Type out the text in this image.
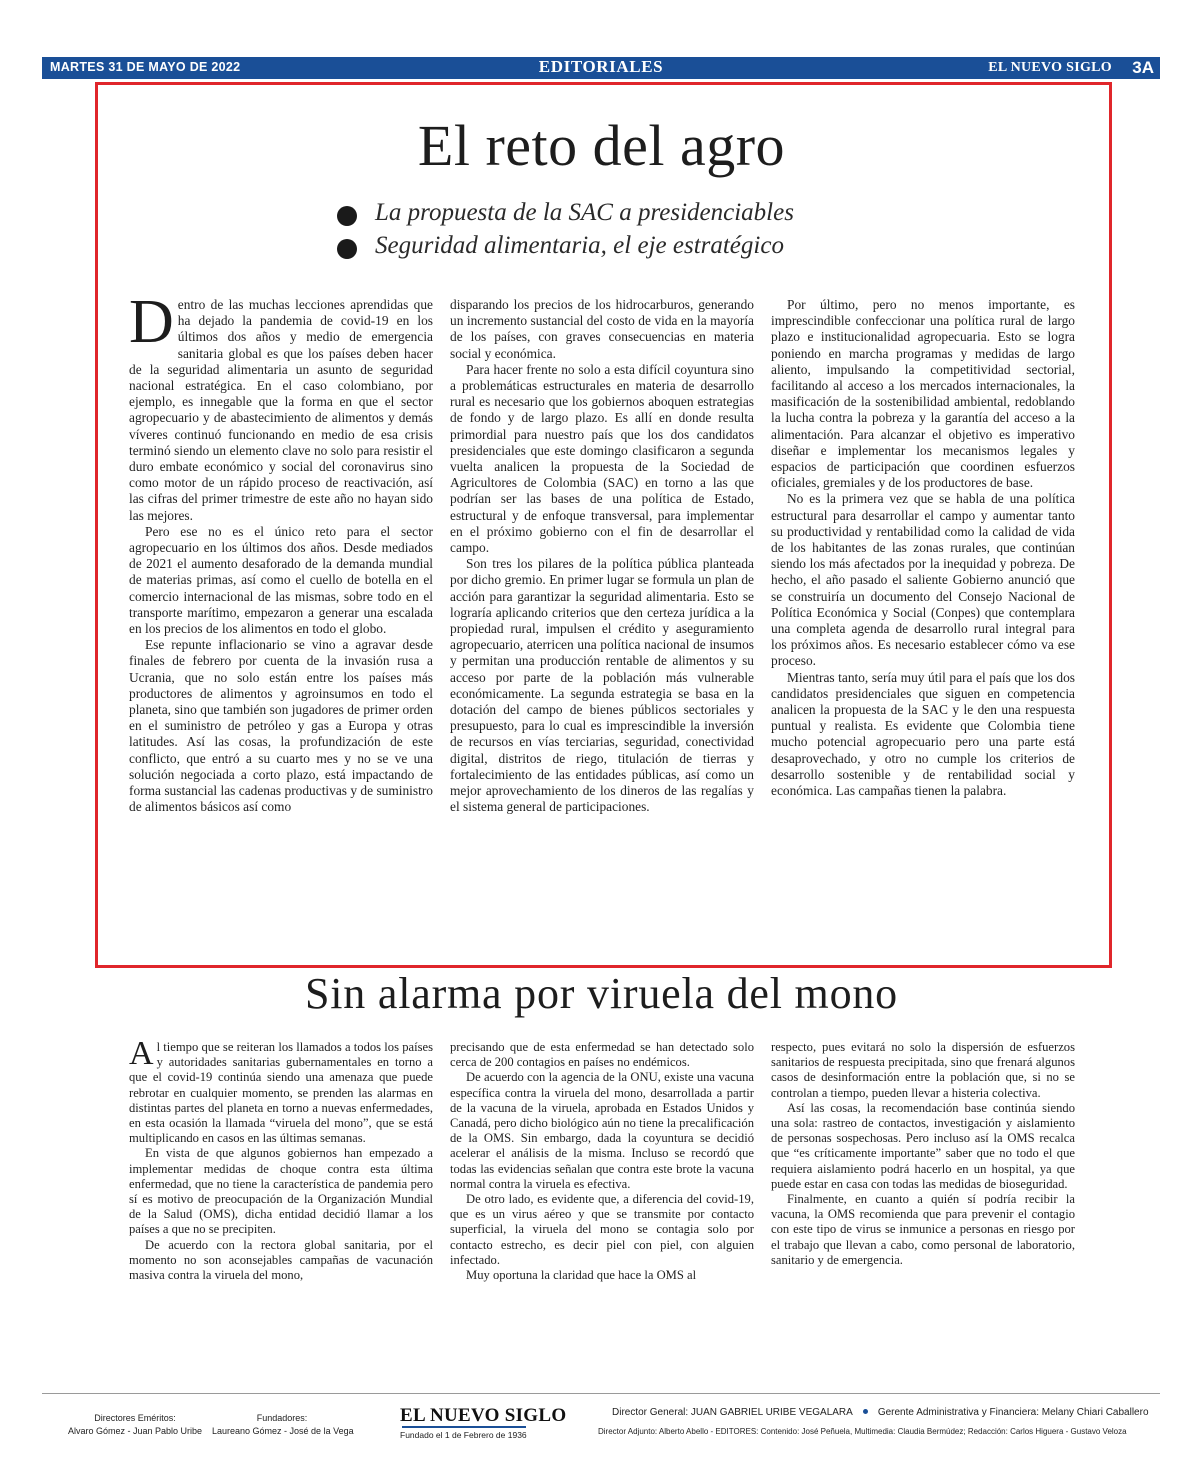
MARTES 31 DE MAYO DE 2022	EDITORIALES	EL NUEVO SIGLO 3A
El reto del agro
La propuesta de la SAC a presidenciables
Seguridad alimentaria, el eje estratégico

Dentro de las muchas lecciones aprendidas que ha dejado la pandemia de covid-19 en los últimos dos años y medio de emergencia sanitaria global es que los países deben hacer de la seguridad alimentaria un asunto de seguridad nacional estratégica. En el caso colombiano, por ejemplo, es innegable que la forma en que el sector agropecuario y de abastecimiento de alimentos y demás víveres continuó funcionando en medio de esa crisis terminó siendo un elemento clave no solo para resistir el duro embate económico y social del coronavirus sino como motor de un rápido proceso de reactivación, así las cifras del primer trimestre de este año no hayan sido las mejores.

Pero ese no es el único reto para el sector agropecuario en los últimos dos años. Desde mediados de 2021 el aumento desaforado de la demanda mundial de materias primas, así como el cuello de botella en el comercio internacional de las mismas, sobre todo en el transporte marítimo, empezaron a generar una escalada en los precios de los alimentos en todo el globo.

Ese repunte inflacionario se vino a agravar desde finales de febrero por cuenta de la invasión rusa a Ucrania, que no solo están entre los países más productores de alimentos y agroinsumos en todo el planeta, sino que también son jugadores de primer orden en el suministro de petróleo y gas a Europa y otras latitudes. Así las cosas, la profundización de este conflicto, que entró a su cuarto mes y no se ve una solución negociada a corto plazo, está impactando de forma sustancial las cadenas productivas y de suministro de alimentos básicos así como

disparando los precios de los hidrocarburos, generando un incremento sustancial del costo de vida en la mayoría de los países, con graves consecuencias en materia social y económica.

Para hacer frente no solo a esta difícil coyuntura sino a problemáticas estructurales en materia de desarrollo rural es necesario que los gobiernos aboquen estrategias de fondo y de largo plazo. Es allí en donde resulta primordial para nuestro país que los dos candidatos presidenciales que este domingo clasificaron a segunda vuelta analicen la propuesta de la Sociedad de Agricultores de Colombia (SAC) en torno a las que podrían ser las bases de una política de Estado, estructural y de enfoque transversal, para implementar en el próximo gobierno con el fin de desarrollar el campo.

Son tres los pilares de la política pública planteada por dicho gremio. En primer lugar se formula un plan de acción para garantizar la seguridad alimentaria. Esto se lograría aplicando criterios que den certeza jurídica a la propiedad rural, impulsen el crédito y aseguramiento agropecuario, aterricen una política nacional de insumos y permitan una producción rentable de alimentos y su acceso por parte de la población más vulnerable económicamente. La segunda estrategia se basa en la dotación del campo de bienes públicos sectoriales y presupuesto, para lo cual es imprescindible la inversión de recursos en vías terciarias, seguridad, conectividad digital, distritos de riego, titulación de tierras y fortalecimiento de las entidades públicas, así como un mejor aprovechamiento de los dineros de las regalías y el sistema general de participaciones.

Por último, pero no menos importante, es imprescindible confeccionar una política rural de largo plazo e institucionalidad agropecuaria. Esto se logra poniendo en marcha programas y medidas de largo aliento, impulsando la competitividad sectorial, facilitando al acceso a los mercados internacionales, la masificación de la sostenibilidad ambiental, redoblando la lucha contra la pobreza y la garantía del acceso a la alimentación. Para alcanzar el objetivo es imperativo diseñar e implementar los mecanismos legales y espacios de participación que coordinen esfuerzos oficiales, gremiales y de los productores de base.

No es la primera vez que se habla de una política estructural para desarrollar el campo y aumentar tanto su productividad y rentabilidad como la calidad de vida de los habitantes de las zonas rurales, que continúan siendo los más afectados por la inequidad y pobreza. De hecho, el año pasado el saliente Gobierno anunció que se construiría un documento del Consejo Nacional de Política Económica y Social (Conpes) que contemplara una completa agenda de desarrollo rural integral para los próximos años. Es necesario establecer cómo va ese proceso.

Mientras tanto, sería muy útil para el país que los dos candidatos presidenciales que siguen en competencia analicen la propuesta de la SAC y le den una respuesta puntual y realista. Es evidente que Colombia tiene mucho potencial agropecuario pero una parte está desaprovechado, y otro no cumple los criterios de desarrollo sostenible y de rentabilidad social y económica. Las campañas tienen la palabra.

Sin alarma por viruela del mono

Al tiempo que se reiteran los llamados a todos los países y autoridades sanitarias gubernamentales en torno a que el covid-19 continúa siendo una amenaza que puede rebrotar en cualquier momento, se prenden las alarmas en distintas partes del planeta en torno a nuevas enfermedades, en esta ocasión la llamada “viruela del mono”, que se está multiplicando en casos en las últimas semanas.

En vista de que algunos gobiernos han empezado a implementar medidas de choque contra esta última enfermedad, que no tiene la característica de pandemia pero sí es motivo de preocupación de la Organización Mundial de la Salud (OMS), dicha entidad decidió llamar a los países a que no se precipiten.

De acuerdo con la rectora global sanitaria, por el momento no son aconsejables campañas de vacunación masiva contra la viruela del mono,

precisando que de esta enfermedad se han detectado solo cerca de 200 contagios en países no endémicos.

De acuerdo con la agencia de la ONU, existe una vacuna específica contra la viruela del mono, desarrollada a partir de la vacuna de la viruela, aprobada en Estados Unidos y Canadá, pero dicho biológico aún no tiene la precalificación de la OMS. Sin embargo, dada la coyuntura se decidió acelerar el análisis de la misma. Incluso se recordó que todas las evidencias señalan que contra este brote la vacuna normal contra la viruela es efectiva.

De otro lado, es evidente que, a diferencia del covid-19, que es un virus aéreo y que se transmite por contacto superficial, la viruela del mono se contagia solo por contacto estrecho, es decir piel con piel, con alguien infectado.

Muy oportuna la claridad que hace la OMS al

respecto, pues evitará no solo la dispersión de esfuerzos sanitarios de respuesta precipitada, sino que frenará algunos casos de desinformación entre la población que, si no se controlan a tiempo, pueden llevar a histeria colectiva.

Así las cosas, la recomendación base continúa siendo una sola: rastreo de contactos, investigación y aislamiento de personas sospechosas. Pero incluso así la OMS recalca que “es críticamente importante” saber que no todo el que requiera aislamiento podrá hacerlo en un hospital, ya que puede estar en casa con todas las medidas de bioseguridad.

Finalmente, en cuanto a quién sí podría recibir la vacuna, la OMS recomienda que para prevenir el contagio con este tipo de virus se inmunice a personas en riesgo por el trabajo que llevan a cabo, como personal de laboratorio, sanitario y de emergencia.

Directores Eméritos:
Alvaro Gómez - Juan Pablo Uribe
Fundadores:
Laureano Gómez - José de la Vega
EL NUEVO SIGLO
Fundado el 1 de Febrero de 1936
Director General: JUAN GABRIEL URIBE VEGALARA	Gerente Administrativa y Financiera: Melany Chiari Caballero
Director Adjunto: Alberto Abello - EDITORES: Contenido: José Peñuela, Multimedia: Claudia Bermúdez; Redacción: Carlos Higuera - Gustavo Veloza
